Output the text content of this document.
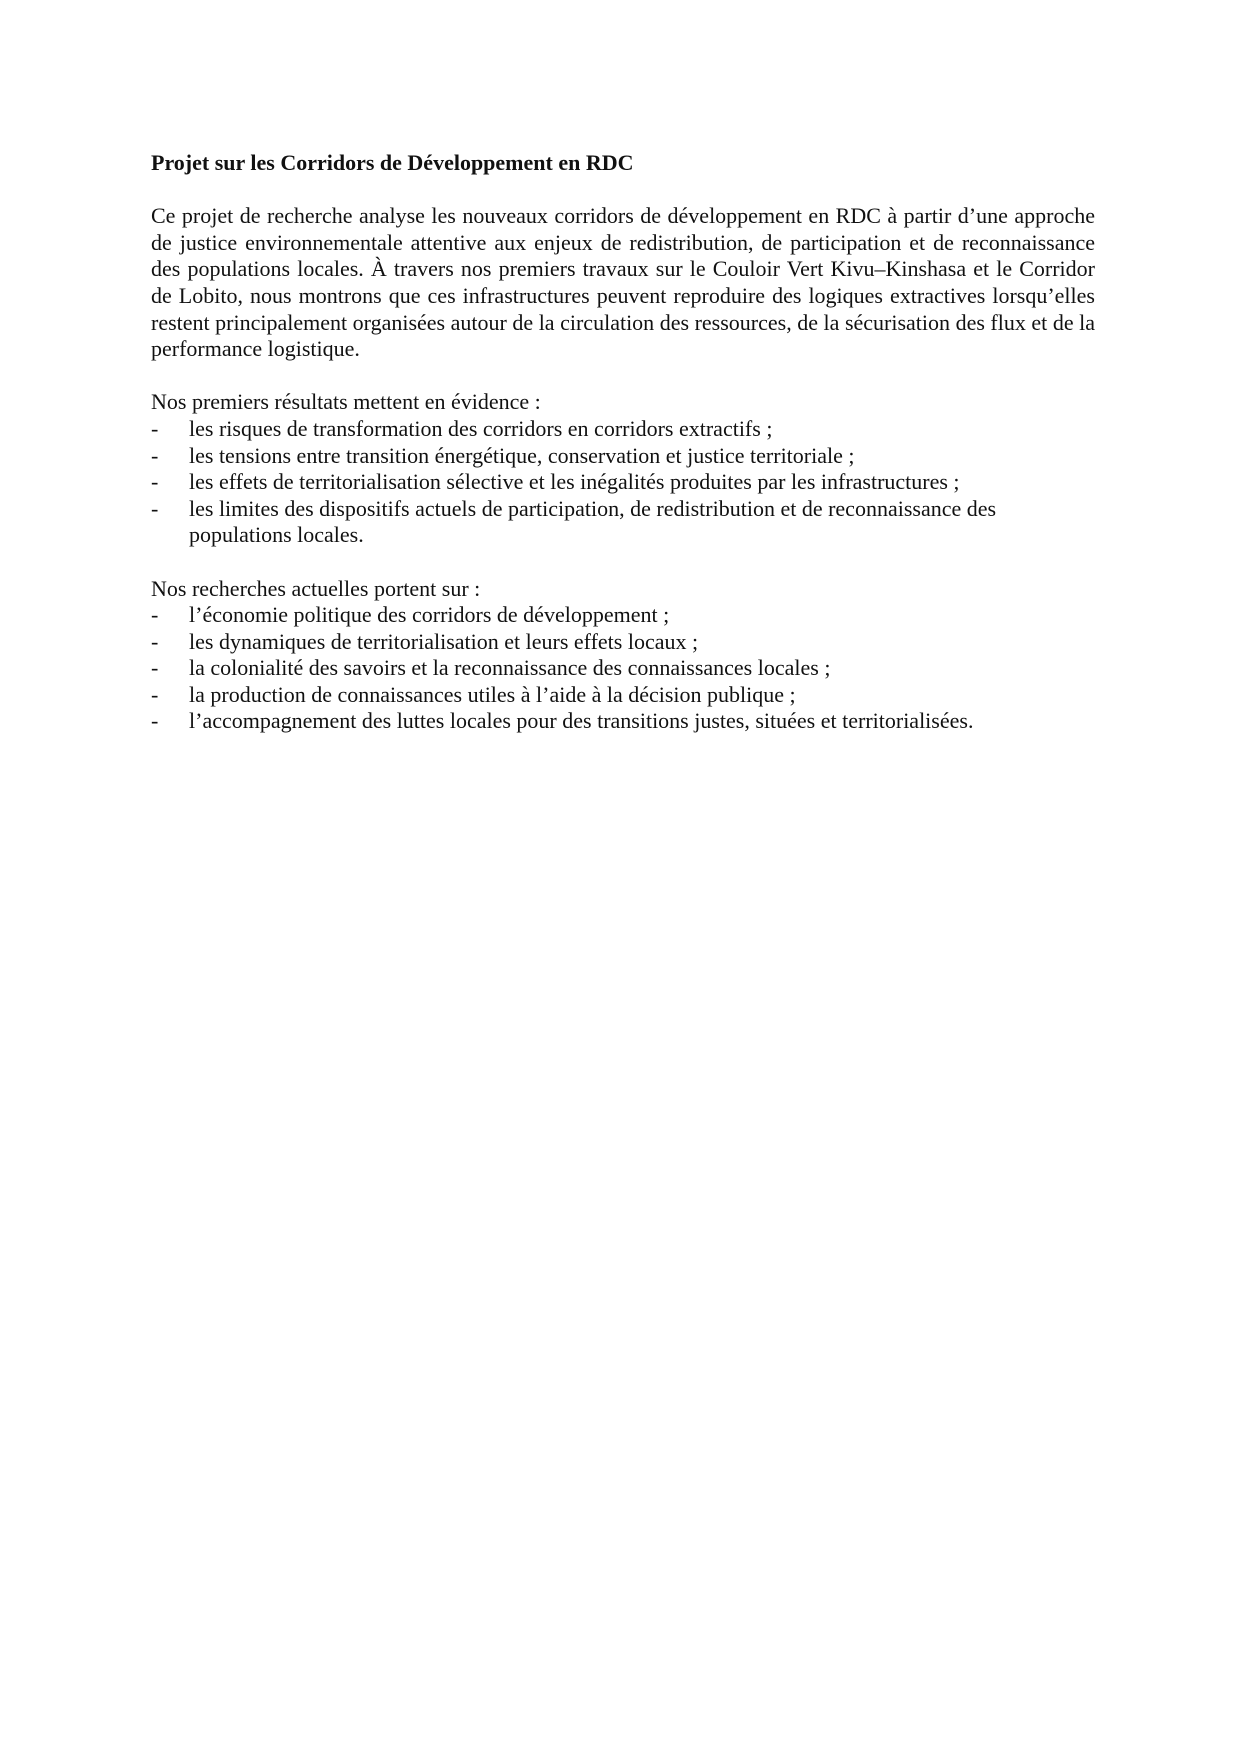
Projet sur les Corridors de Développement en RDC

Ce projet de recherche analyse les nouveaux corridors de développement en RDC à partir d’une approche de justice environnementale attentive aux enjeux de redistribution, de participation et de reconnaissance des populations locales. À travers nos premiers travaux sur le Couloir Vert Kivu–Kinshasa et le Corridor de Lobito, nous montrons que ces infrastructures peuvent reproduire des logiques extractives lorsqu’elles restent principalement organisées autour de la circulation des ressources, de la sécurisation des flux et de la performance logistique.

Nos premiers résultats mettent en évidence :

- les risques de transformation des corridors en corridors extractifs ;
- les tensions entre transition énergétique, conservation et justice territoriale ;
- les effets de territorialisation sélective et les inégalités produites par les infrastructures ;
- les limites des dispositifs actuels de participation, de redistribution et de reconnaissance des populations locales.

Nos recherches actuelles portent sur :

- l’économie politique des corridors de développement ;
- les dynamiques de territorialisation et leurs effets locaux ;
- la colonialité des savoirs et la reconnaissance des connaissances locales ;
- la production de connaissances utiles à l’aide à la décision publique ;
- l’accompagnement des luttes locales pour des transitions justes, situées et territorialisées.
